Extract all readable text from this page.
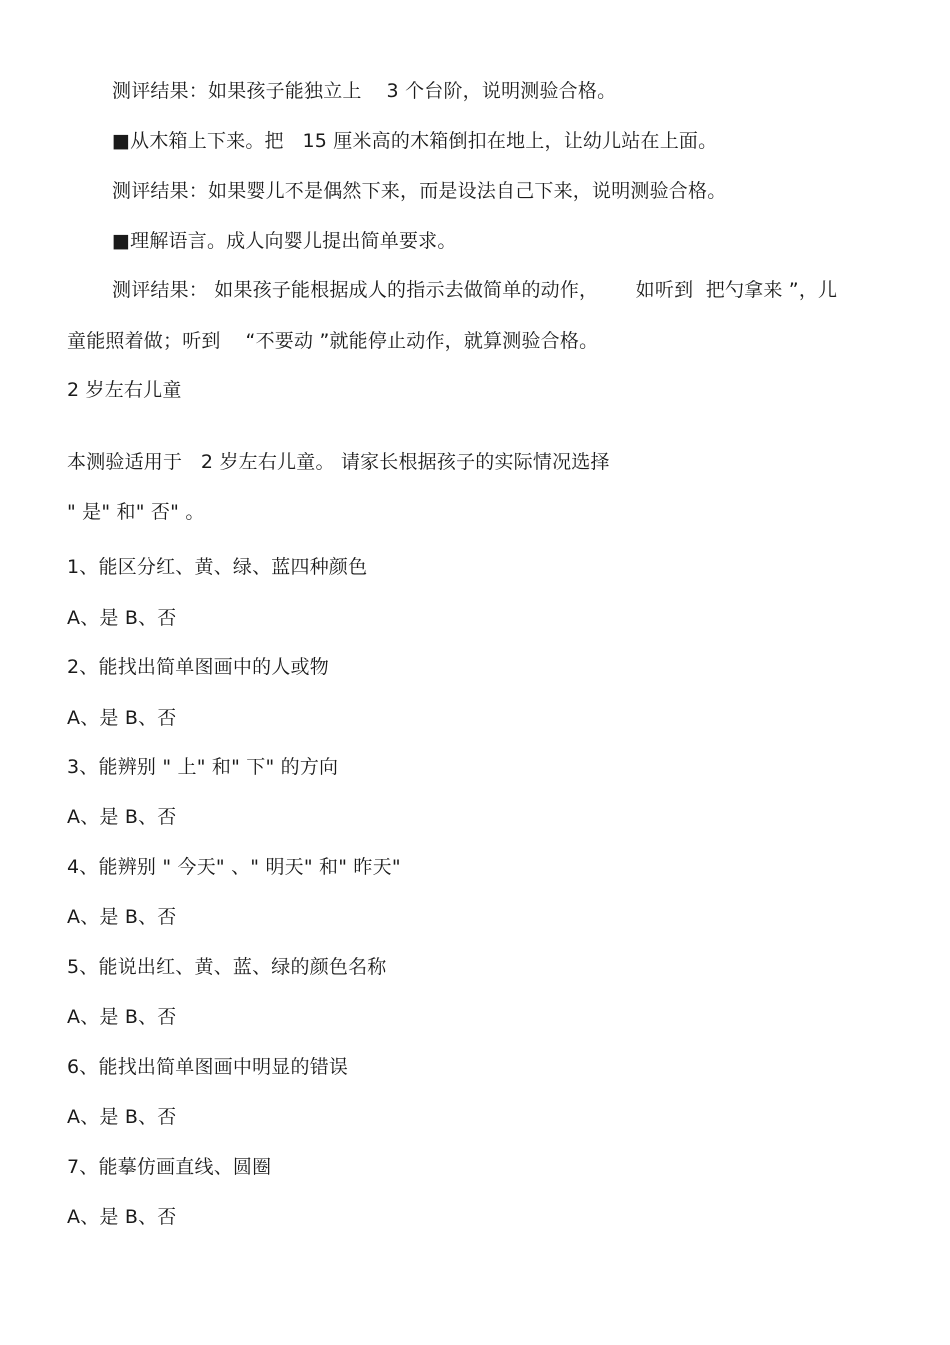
测评结果：如果孩子能独立上    3 个台阶，说明测验合格。
■从木箱上下来。把   15 厘米高的木箱倒扣在地上，让幼儿站在上面。
测评结果：如果婴儿不是偶然下来，而是设法自己下来，说明测验合格。
■理解语言。成人向婴儿提出简单要求。
测评结果： 如果孩子能根据成人的指示去做简单的动作，      如听到  把勺拿来 ”，儿
童能照着做；听到    “不要动 ”就能停止动作，就算测验合格。
2 岁左右儿童
本测验适用于   2 岁左右儿童。 请家长根据孩子的实际情况选择
" 是" 和" 否" 。
1、能区分红、黄、绿、蓝四种颜色
A、是 B、否
2、能找出简单图画中的人或物
A、是 B、否
3、能辨别 " 上" 和" 下" 的方向
A、是 B、否
4、能辨别 " 今天" 、" 明天" 和" 昨天"
A、是 B、否
5、能说出红、黄、蓝、绿的颜色名称
A、是 B、否
6、能找出简单图画中明显的错误
A、是 B、否
7、能摹仿画直线、圆圈
A、是 B、否
